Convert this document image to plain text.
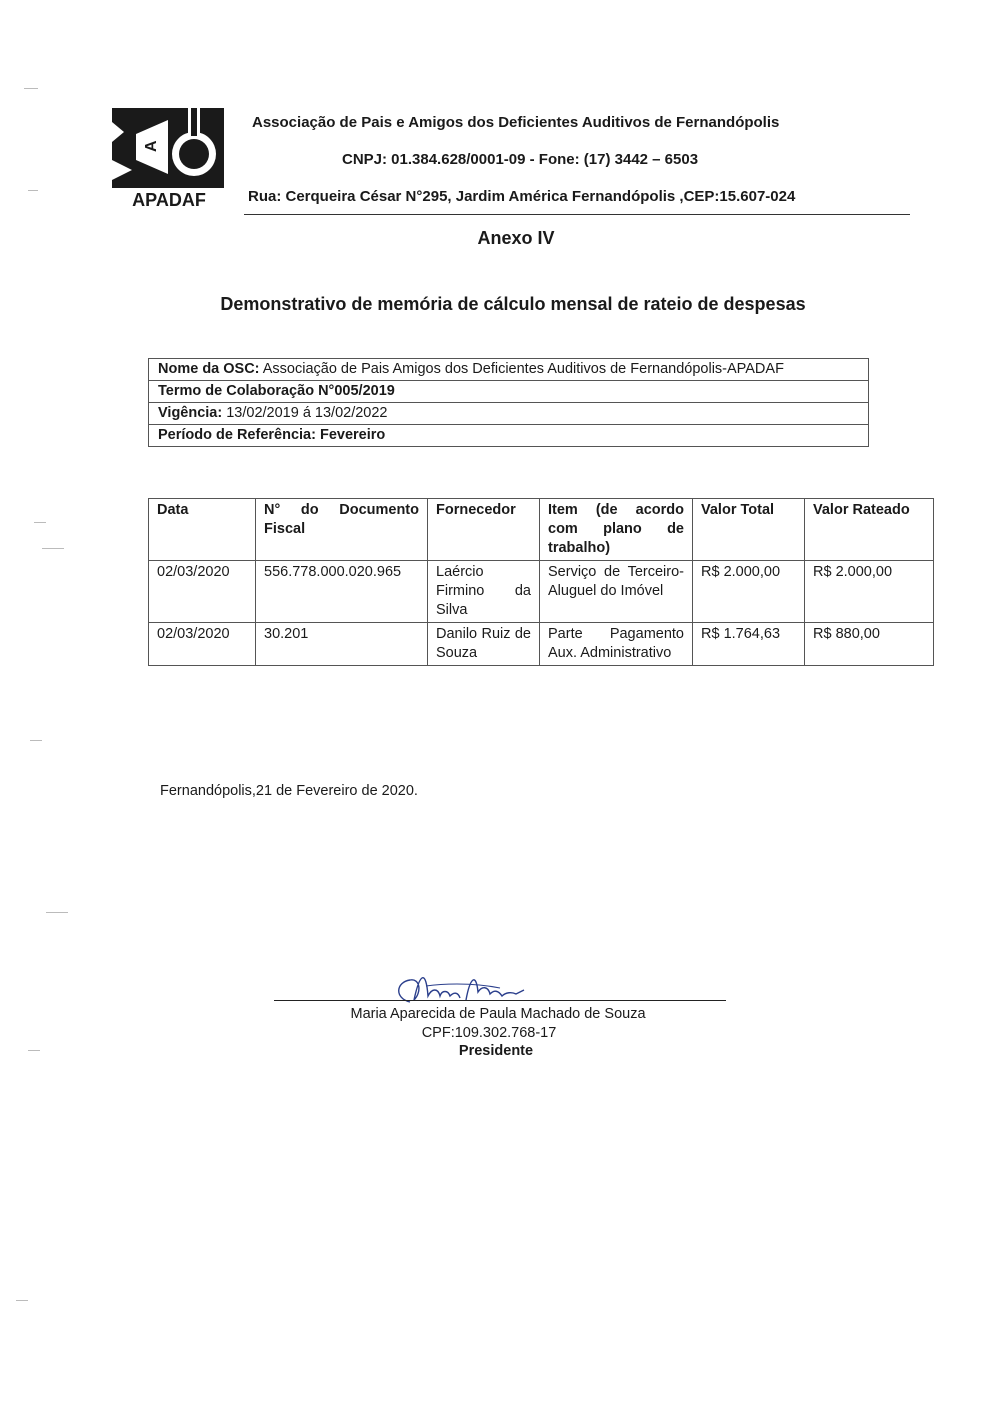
A
APADAF
Associação de Pais e Amigos dos Deficientes Auditivos de Fernandópolis
CNPJ: 01.384.628/0001-09 - Fone: (17) 3442 – 6503
Rua: Cerqueira César N°295, Jardim América Fernandópolis ,CEP:15.607-024
Anexo IV
Demonstrativo de memória de cálculo mensal de rateio de despesas
Nome da OSC: Associação de Pais Amigos dos Deficientes Auditivos de Fernandópolis-APADAF
Termo de Colaboração N°005/2019
Vigência: 13/02/2019 á 13/02/2022
Período de Referência: Fevereiro
Data	N° do Documento Fiscal	Fornecedor	Item (de acordo com plano de trabalho)	Valor Total	Valor Rateado
02/03/2020	556.778.000.020.965	Laércio Firmino da Silva	Serviço de Terceiro- Aluguel do Imóvel	R$ 2.000,00	R$ 2.000,00
02/03/2020	30.201	Danilo Ruiz de Souza	Parte Pagamento Aux. Administrativo	R$ 1.764,63	R$ 880,00
Fernandópolis,21 de Fevereiro de 2020.
Maria Aparecida de Paula Machado de Souza
CPF:109.302.768-17
Presidente
